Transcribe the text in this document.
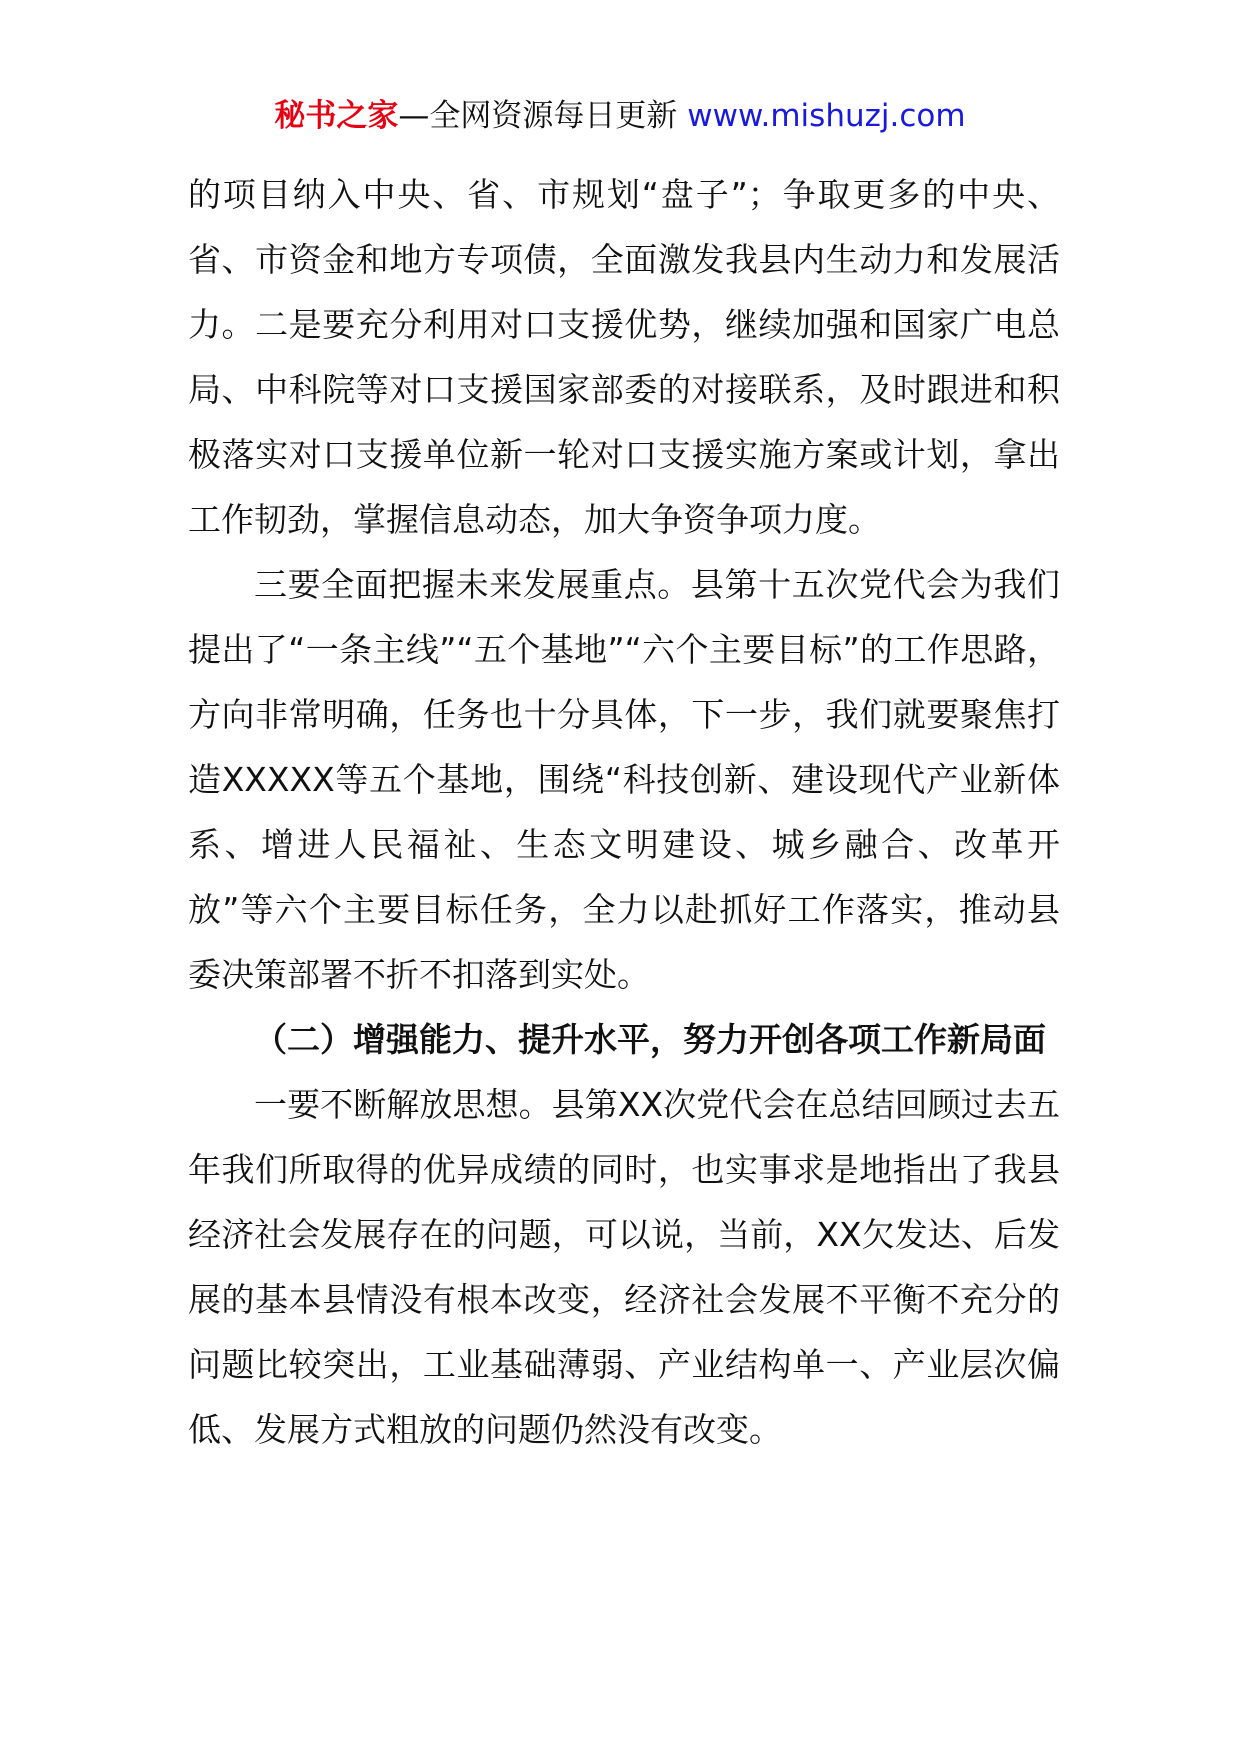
秘书之家—全网资源每日更新 www.mishuzj.com

的项目纳入中央、省、市规划“盘子”；争取更多的中央、省、市资金和地方专项债，全面激发我县内生动力和发展活力。二是要充分利用对口支援优势，继续加强和国家广电总局、中科院等对口支援国家部委的对接联系，及时跟进和积极落实对口支援单位新一轮对口支援实施方案或计划，拿出工作韧劲，掌握信息动态，加大争资争项力度。

三要全面把握未来发展重点。县第十五次党代会为我们提出了“一条主线”“五个基地”“六个主要目标”的工作思路，方向非常明确，任务也十分具体，下一步，我们就要聚焦打造XXXXX等五个基地，围绕“科技创新、建设现代产业新体系、增进人民福祉、生态文明建设、城乡融合、改革开放”等六个主要目标任务，全力以赴抓好工作落实，推动县委决策部署不折不扣落到实处。

（二）增强能力、提升水平，努力开创各项工作新局面

一要不断解放思想。县第XX次党代会在总结回顾过去五年我们所取得的优异成绩的同时，也实事求是地指出了我县经济社会发展存在的问题，可以说，当前，XX欠发达、后发展的基本县情没有根本改变，经济社会发展不平衡不充分的问题比较突出，工业基础薄弱、产业结构单一、产业层次偏低、发展方式粗放的问题仍然没有改变。
